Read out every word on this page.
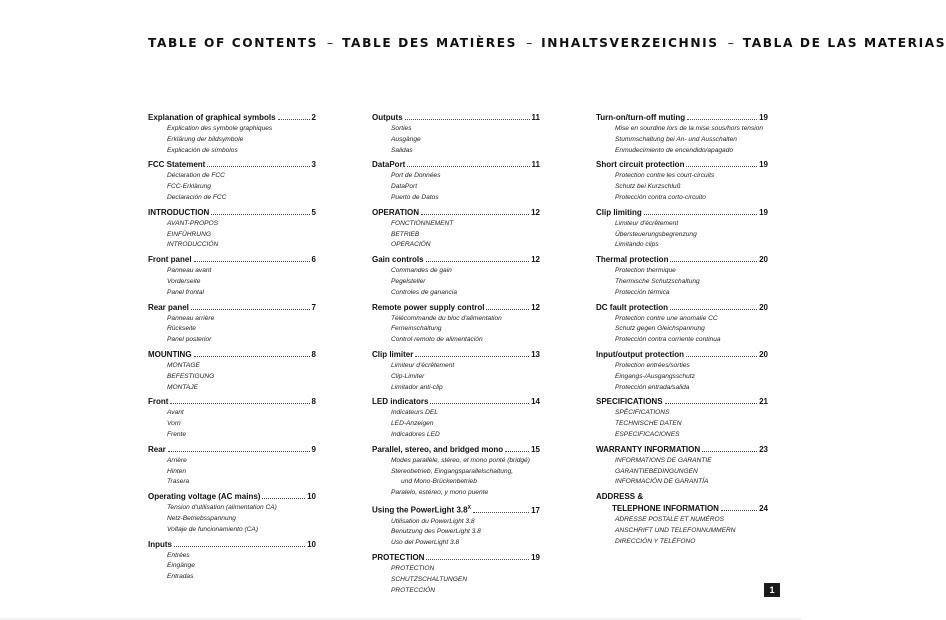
TABLE OF CONTENTS – TABLE DES MATIÈRES – INHALTSVERZEICHNIS – TABLA DE LAS MATERIAS
Explanation of graphical symbols	2
Explication des symbole graphiques
Erklärung der bildsymbole
Explicación de símbolos
FCC Statement	3
Déclaration de FCC
FCC-Erklärung
Declaración de FCC
INTRODUCTION	5
AVANT-PROPOS
EINFÜHRUNG
INTRODUCCIÓN
Front panel	6
Panneau avant
Vorderseite
Panel frontal
Rear panel	7
Panneau arrière
Rückseite
Panel posterior
MOUNTING	8
MONTAGE
BEFESTIGUNG
MONTAJE
Front	8
Avant
Vorn
Frente
Rear	9
Arrière
Hinten
Trasera
Operating voltage (AC mains)	10
Tension d'utilisation (alimentation CA)
Netz-Betriebsspannung
Voltaje de funcionamiento (CA)
Inputs	10
Entrées
Eingänge
Entradas
Outputs	11
Sorties
Ausgänge
Salidas
DataPort	11
Port de Données
DataPort
Puerto de Datos
OPERATION	12
FONCTIONNEMENT
BETRIEB
OPERACIÓN
Gain controls	12
Commandes de gain
Pegelsteller
Controles de ganancia
Remote power supply control	12
Télécommande du bloc d'alimentation
Ferneinschaltung
Control remoto de alimentación
Clip limiter	13
Limiteur d'écrêtement
Clip-Limiter
Limitador anti-clip
LED indicators	14
Indicateurs DEL
LED-Anzeigen
Indicadores LED
Parallel, stereo, and bridged mono	15
Modes parallèle, stéreo, et mono ponté (bridgé)
Stereobetrieb, Eingangsparallelschaltung,
und Mono-Brückenbetrieb
Paralelo, estéreo, y mono puente
Using the PowerLight $3.8^X$	17
Utilisation du PowerLight 3.8
Benutzung des PowerLight 3.8
Uso del PowerLight 3.8
PROTECTION	19
PROTECTION
SCHUTZSCHALTUNGEN
PROTECCIÓN
Turn-on/turn-off muting	19
Mise en sourdine lors de la mise sous/hors tension
Stummschaltung bei An- und Ausschalten
Enmudecimiento de encendido/apagado
Short circuit protection	19
Protection contre les court-circuits
Schutz bei Kurzschluß
Protección contra corto-circuito
Clip limiting	19
Limiteur d'écrêtement
Übersteuerungsbegrenzung
Limitando clips
Thermal protection	20
Protection thermique
Thermische Schutzschaltung
Protección térmica
DC fault protection	20
Protection contre une anomalie CC
Schutz gegen Gleichspannung
Protección contra corriente continua
Input/output protection	20
Protection entrées/sorties
Eingangs-/Ausgangsschutz
Protección entrada/salida
SPECIFICATIONS	21
SPÉCIFICATIONS
TECHNISCHE DATEN
ESPECIFICACIONES
WARRANTY INFORMATION	23
INFORMATIONS DE GARANTIE
GARANTIEBEDINGUNGEN
INFORMACIÓN DE GARANTÍA
ADDRESS &
TELEPHONE INFORMATION	24
ADRESSE POSTALE ET NUMÉROS
ANSCHRIFT UND TELEFONNUMMERN
DIRECCIÓN Y TELÉFONO
1
